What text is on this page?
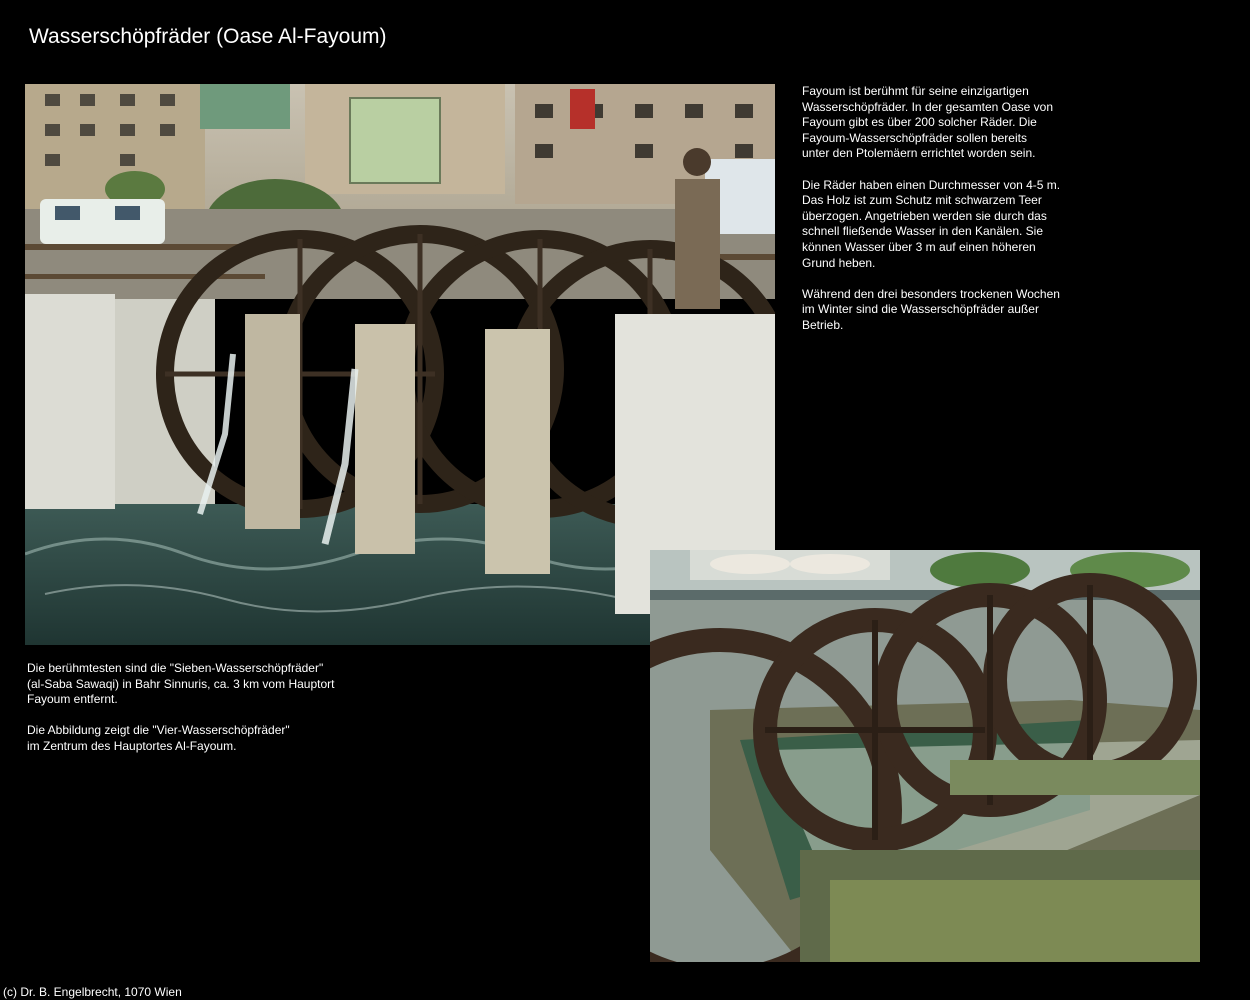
Wasserschöpfräder (Oase Al-Fayoum)

Fayoum ist berühmt für seine einzigartigen
Wasserschöpfräder. In der gesamten Oase von
Fayoum gibt es über 200 solcher Räder. Die
Fayoum-Wasserschöpfräder sollen bereits
unter den Ptolemäern errichtet worden sein.

Die Räder haben einen Durchmesser von 4-5 m.
Das Holz ist zum Schutz mit schwarzem Teer
überzogen. Angetrieben werden sie durch das
schnell fließende Wasser in den Kanälen. Sie
können Wasser über 3 m auf einen höheren
Grund heben.

Während den drei besonders trockenen Wochen
im Winter sind die Wasserschöpfräder außer
Betrieb.

Die berühmtesten sind die "Sieben-Wasserschöpfräder"
(al-Saba Sawaqi) in Bahr Sinnuris, ca. 3 km vom Hauptort
Fayoum entfernt.

Die Abbildung zeigt die "Vier-Wasserschöpfräder"
im Zentrum des Hauptortes Al-Fayoum.

(c) Dr. B. Engelbrecht, 1070 Wien
